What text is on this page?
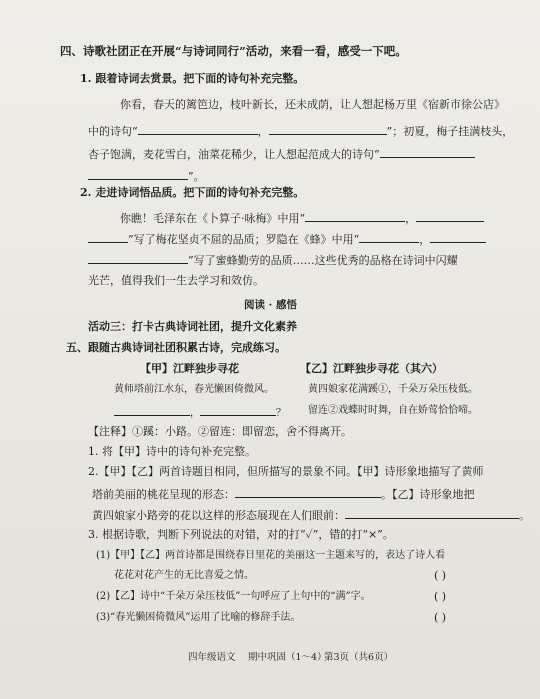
四、诗歌社团正在开展“与诗词同行”活动，来看一看，感受一下吧。
1. 跟着诗词去赏景。把下面的诗句补充完整。
你看，春天的篱笆边，枝叶新长，还未成荫，让人想起杨万里《宿新市徐公店》
中的诗句“	，	”；初夏，梅子挂满枝头，
杏子饱满，麦花雪白，油菜花稀少，让人想起范成大的诗句“
”。
2. 走进诗词悟品质。把下面的诗句补充完整。
你瞧！毛泽东在《卜算子·咏梅》中用“	，
”写了梅花坚贞不屈的品质；罗隐在《蜂》中用“	，
”写了蜜蜂勤劳的品质……这些优秀的品格在诗词中闪耀
光芒，值得我们一生去学习和效仿。
阅读 · 感悟
活动三：打卡古典诗词社团，提升文化素养
五、跟随古典诗词社团积累古诗，完成练习。
【甲】江畔独步寻花	【乙】江畔独步寻花（其六）
黄师塔前江水东，春光懒困倚微风。	黄四娘家花满蹊①，千朵万朵压枝低。
，	？ 留连②戏蝶时时舞，自在娇莺恰恰啼。
【注释】①蹊：小路。②留连：即留恋，舍不得离开。
1. 将【甲】诗中的诗句补充完整。
2.【甲】【乙】两首诗题目相同，但所描写的景象不同。【甲】诗形象地描写了黄师
塔前美丽的桃花呈现的形态：	。【乙】诗形象地把
黄四娘家小路旁的花以这样的形态展现在人们眼前：	。
3. 根据诗歌，判断下列说法的对错，对的打“✓”，错的打“×”。
(1)【甲】【乙】两首诗都是围绕春日里花的美丽这一主题来写的，表达了诗人看
花花对花产生的无比喜爱之情。	( )
(2)【乙】诗中“千朵万朵压枝低”一句呼应了上句中的“满”字。	( )
(3)“春光懒困倚微风”运用了比喻的修辞手法。	( )
四年级语文 期中巩固（1～4）
第3页（共6页）
